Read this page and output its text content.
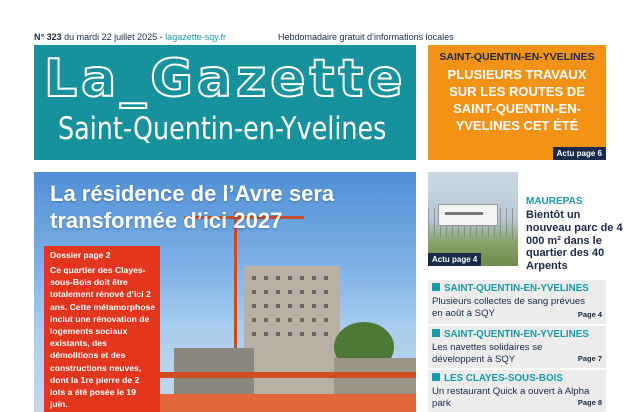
N° 323 du mardi 22 juillet 2025 - lagazette-sqy.fr	Hebdomadaire gratuit d’informations locales
La_Gazette
Saint-Quentin-en-Yvelines
SAINT-QUENTIN-EN-YVELINES
PLUSIEURS TRAVAUX SUR LES ROUTES DE SAINT-QUENTIN-EN-YVELINES CET ÉTÉ
Actu page 6
La résidence de l’Avre sera
transformée d’ici 2027
Dossier page 2
Ce quartier des Clayes-sous-Bois doit être totalement rénové d’ici 2 ans. Cette métamorphose inclut une rénovation de logements sociaux existants, des démolitions et des constructions neuves, dont la 1re pierre de 2 lots a été posée le 19 juin.
Actu page 4
MAUREPAS
Bientôt un nouveau parc de 4 000 m² dans le quartier des 40 Arpents
SAINT-QUENTIN-EN-YVELINES
Plusieurs collectes de sang prévues en août à SQY	Page 4
SAINT-QUENTIN-EN-YVELINES
Les navettes solidaires se développent à SQY	Page 7
LES CLAYES-SOUS-BOIS
Un restaurant Quick a ouvert à Alpha park	Page 8
